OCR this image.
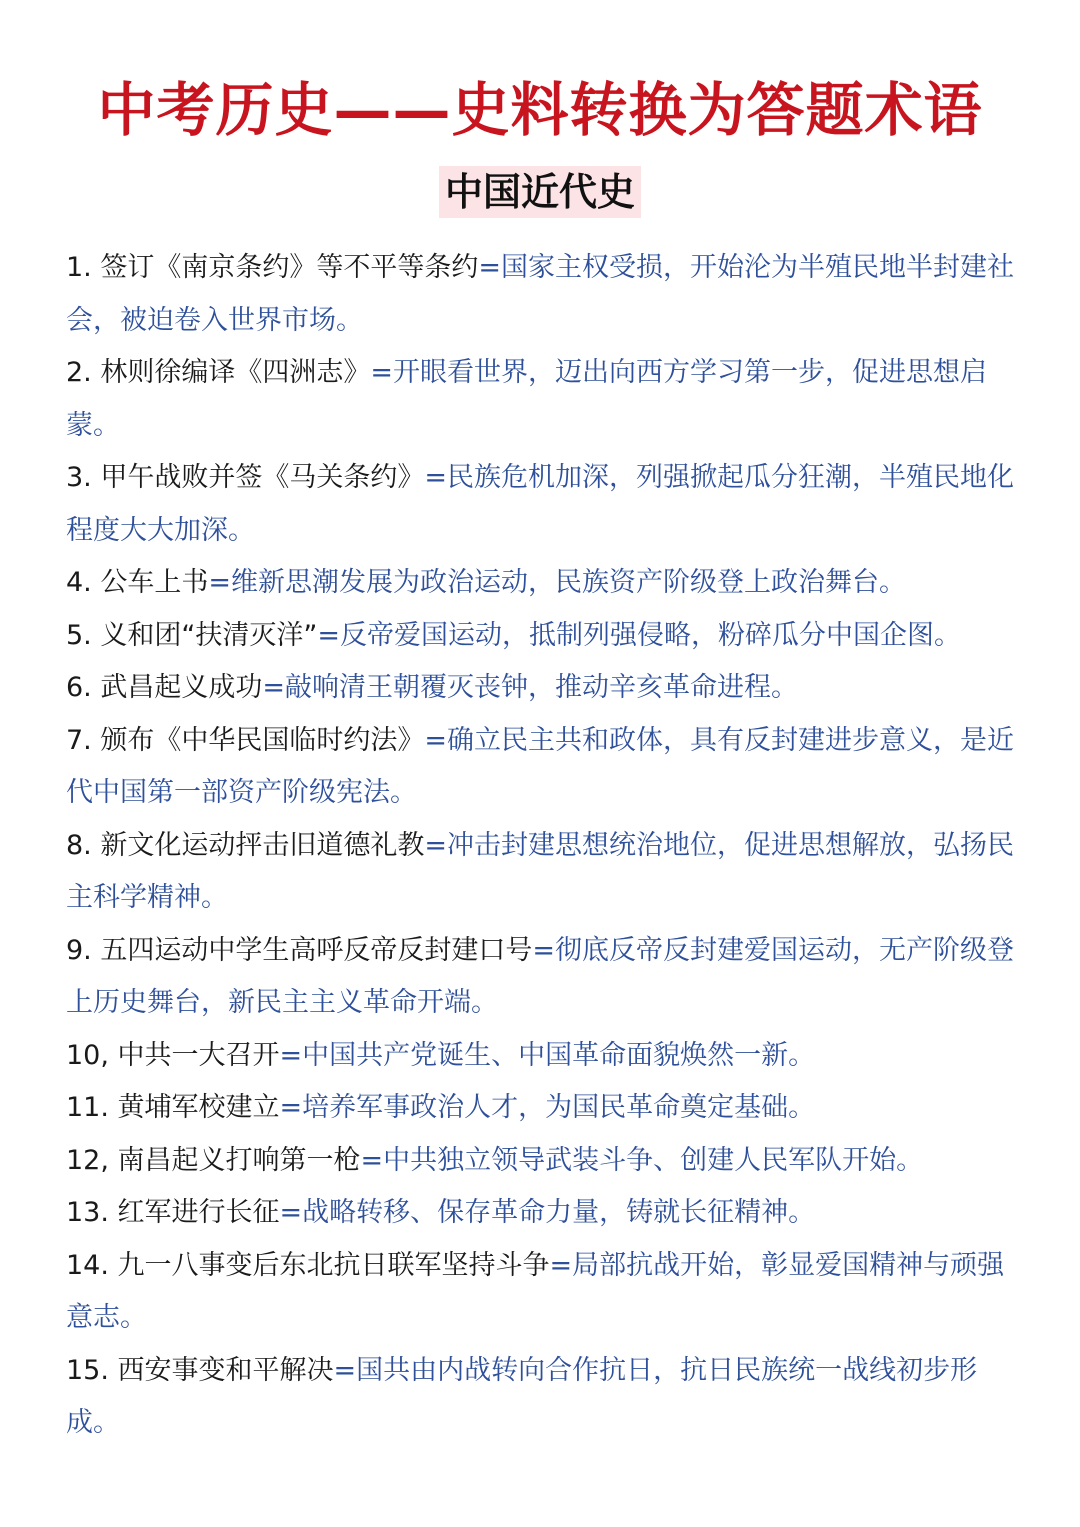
中考历史——史料转换为答题术语
中国近代史
1. 签订《南京条约》等不平等条约=国家主权受损，开始沦为半殖民地半封建社会，被迫卷入世界市场。
2. 林则徐编译《四洲志》=开眼看世界，迈出向西方学习第一步，促进思想启蒙。
3. 甲午战败并签《马关条约》=民族危机加深，列强掀起瓜分狂潮，半殖民地化程度大大加深。
4. 公车上书=维新思潮发展为政治运动，民族资产阶级登上政治舞台。
5. 义和团“扶清灭洋”=反帝爱国运动，抵制列强侵略，粉碎瓜分中国企图。
6. 武昌起义成功=敲响清王朝覆灭丧钟，推动辛亥革命进程。
7. 颁布《中华民国临时约法》=确立民主共和政体，具有反封建进步意义，是近代中国第一部资产阶级宪法。
8. 新文化运动抨击旧道德礼教=冲击封建思想统治地位，促进思想解放，弘扬民主科学精神。
9. 五四运动中学生高呼反帝反封建口号=彻底反帝反封建爱国运动，无产阶级登上历史舞台，新民主主义革命开端。
10, 中共一大召开=中国共产党诞生、中国革命面貌焕然一新。
11. 黄埔军校建立=培养军事政治人才，为国民革命奠定基础。
12, 南昌起义打响第一枪=中共独立领导武装斗争、创建人民军队开始。
13. 红军进行长征=战略转移、保存革命力量，铸就长征精神。
14. 九一八事变后东北抗日联军坚持斗争=局部抗战开始，彰显爱国精神与顽强意志。
15. 西安事变和平解决=国共由内战转向合作抗日，抗日民族统一战线初步形成。
